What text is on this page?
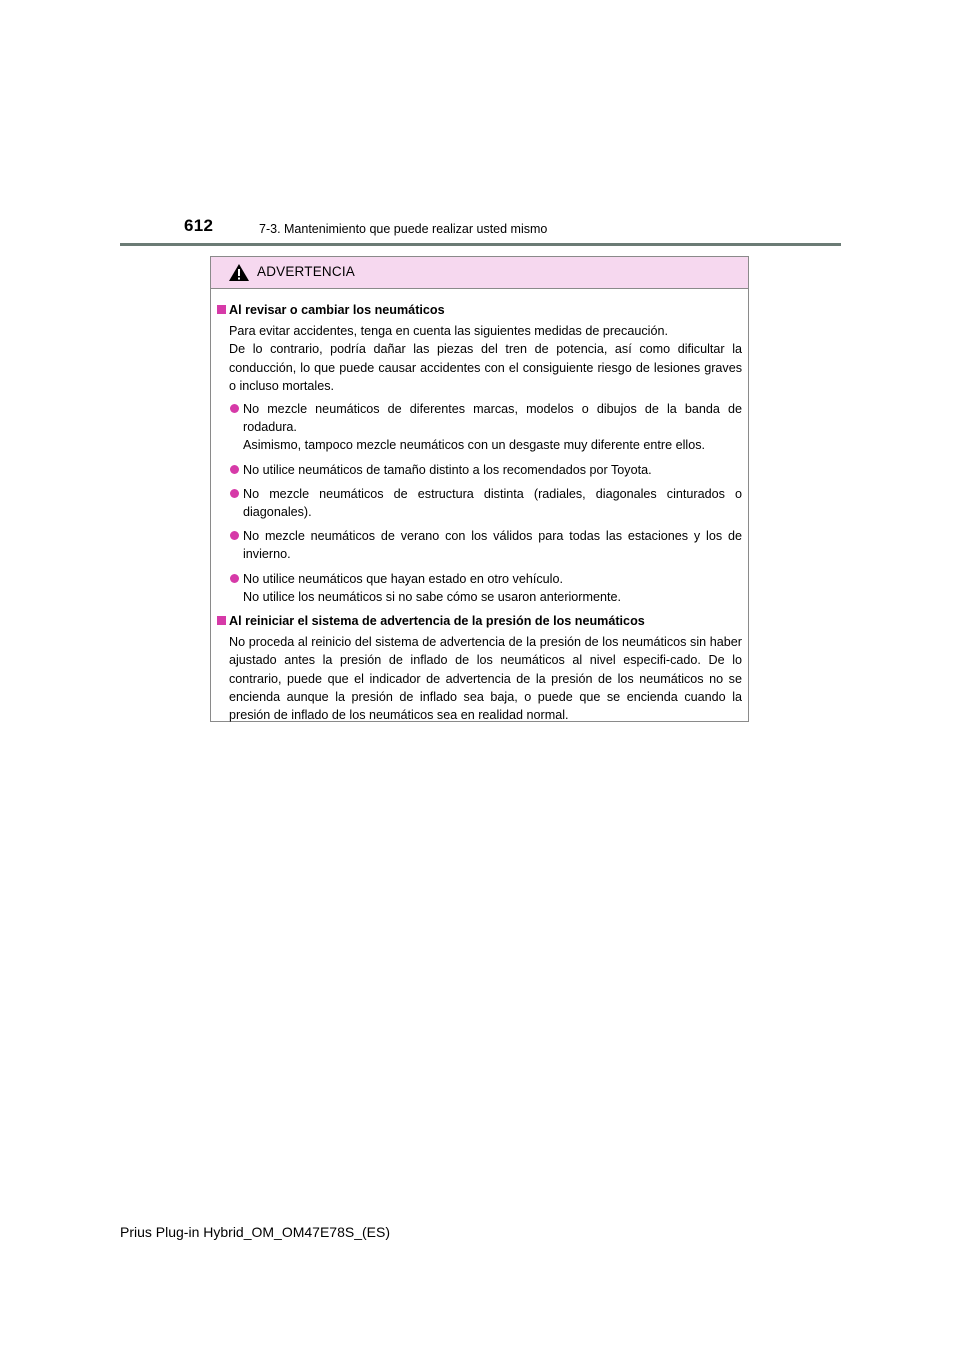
612	7-3. Mantenimiento que puede realizar usted mismo
ADVERTENCIA
Al revisar o cambiar los neumáticos
Para evitar accidentes, tenga en cuenta las siguientes medidas de precaución.
De lo contrario, podría dañar las piezas del tren de potencia, así como dificultar la conducción, lo que puede causar accidentes con el consiguiente riesgo de lesiones graves o incluso mortales.
No mezcle neumáticos de diferentes marcas, modelos o dibujos de la banda de rodadura.
Asimismo, tampoco mezcle neumáticos con un desgaste muy diferente entre ellos.
No utilice neumáticos de tamaño distinto a los recomendados por Toyota.
No mezcle neumáticos de estructura distinta (radiales, diagonales cinturados o diagonales).
No mezcle neumáticos de verano con los válidos para todas las estaciones y los de invierno.
No utilice neumáticos que hayan estado en otro vehículo.
No utilice los neumáticos si no sabe cómo se usaron anteriormente.
Al reiniciar el sistema de advertencia de la presión de los neumáticos
No proceda al reinicio del sistema de advertencia de la presión de los neumáticos sin haber ajustado antes la presión de inflado de los neumáticos al nivel especifi-cado. De lo contrario, puede que el indicador de advertencia de la presión de los neumáticos no se encienda aunque la presión de inflado sea baja, o puede que se encienda cuando la presión de inflado de los neumáticos sea en realidad normal.
Prius Plug-in Hybrid_OM_OM47E78S_(ES)
